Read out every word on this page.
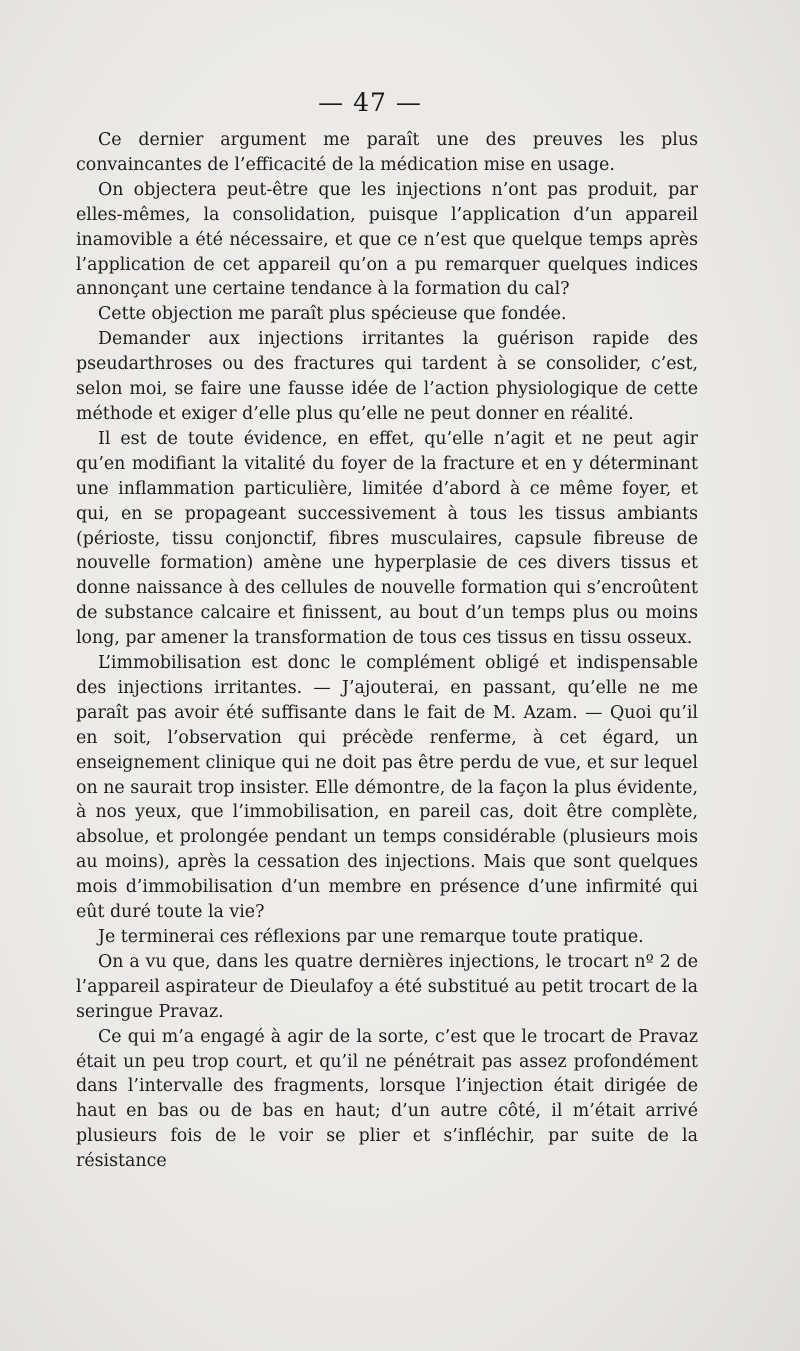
— 47 —

Ce dernier argument me paraît une des preuves les plus convaincantes de l’efficacité de la médication mise en usage.

On objectera peut-être que les injections n’ont pas produit, par elles-mêmes, la consolidation, puisque l’application d’un appareil inamovible a été nécessaire, et que ce n’est que quelque temps après l’application de cet appareil qu’on a pu remarquer quelques indices annonçant une certaine tendance à la formation du cal?

Cette objection me paraît plus spécieuse que fondée.

Demander aux injections irritantes la guérison rapide des pseudarthroses ou des fractures qui tardent à se consolider, c’est, selon moi, se faire une fausse idée de l’action physiologique de cette méthode et exiger d’elle plus qu’elle ne peut donner en réalité.

Il est de toute évidence, en effet, qu’elle n’agit et ne peut agir qu’en modifiant la vitalité du foyer de la fracture et en y déterminant une inflammation particulière, limitée d’abord à ce même foyer, et qui, en se propageant successivement à tous les tissus ambiants (périoste, tissu conjonctif, fibres musculaires, capsule fibreuse de nouvelle formation) amène une hyperplasie de ces divers tissus et donne naissance à des cellules de nouvelle formation qui s’encroûtent de substance calcaire et finissent, au bout d’un temps plus ou moins long, par amener la transformation de tous ces tissus en tissu osseux.

L’immobilisation est donc le complément obligé et indispensable des injections irritantes. — J’ajouterai, en passant, qu’elle ne me paraît pas avoir été suffisante dans le fait de M. Azam. — Quoi qu’il en soit, l’observation qui précède renferme, à cet égard, un enseignement clinique qui ne doit pas être perdu de vue, et sur lequel on ne saurait trop insister. Elle démontre, de la façon la plus évidente, à nos yeux, que l’immobilisation, en pareil cas, doit être complète, absolue, et prolongée pendant un temps considérable (plusieurs mois au moins), après la cessation des injections. Mais que sont quelques mois d’immobilisation d’un membre en présence d’une infirmité qui eût duré toute la vie?

Je terminerai ces réflexions par une remarque toute pratique.

On a vu que, dans les quatre dernières injections, le trocart nº 2 de l’appareil aspirateur de Dieulafoy a été substitué au petit trocart de la seringue Pravaz.

Ce qui m’a engagé à agir de la sorte, c’est que le trocart de Pravaz était un peu trop court, et qu’il ne pénétrait pas assez profondément dans l’intervalle des fragments, lorsque l’injection était dirigée de haut en bas ou de bas en haut; d’un autre côté, il m’était arrivé plusieurs fois de le voir se plier et s’infléchir, par suite de la résistance
